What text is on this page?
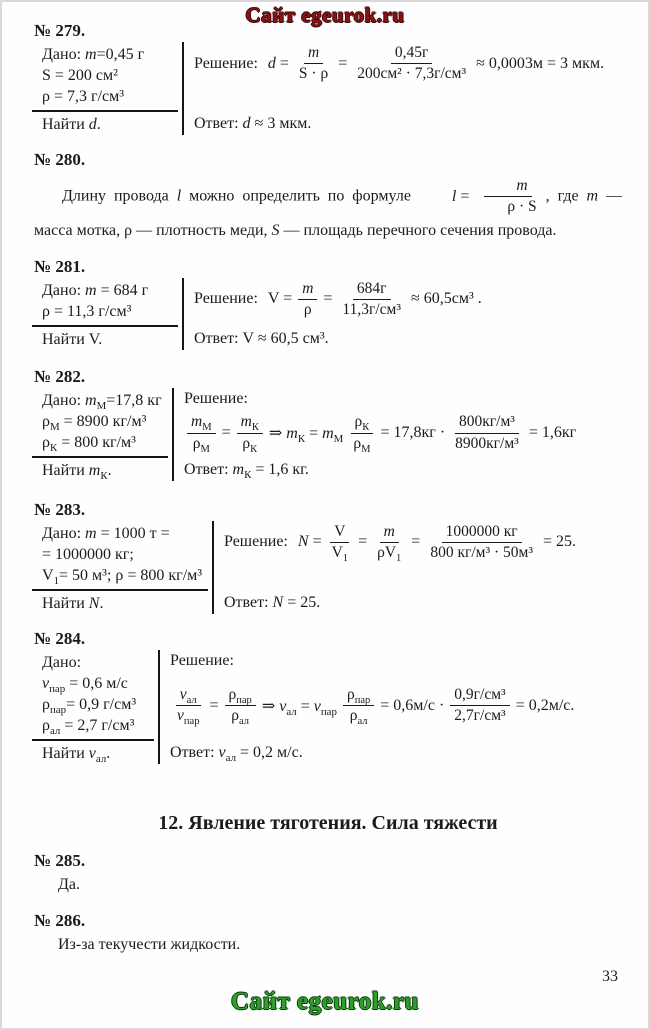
Сайт egeurok.ru
№ 279.
Дано: m=0,45 г
S = 200 см²
ρ = 7,3 г/см³
Найти d.
Решение: $d = \frac{m}{S \cdot \rho} = \frac{0,45г}{\text{200см² · 7,3г/см³}} \approx 0,0003м = 3$ мкм.
Ответ: d ≈ 3 мкм.
№ 280.

Длину провода l можно определить по формуле	$l = \frac{m}{\rho \cdot S}$ , где m — масса мотка, ρ — плотность меди, S — площадь перечного сечения провода.

№ 281.
Дано: m = 684 г
ρ = 11,3 г/см³
Найти V.
Решение: $V = \frac{m}{\rho} = \frac{684г}{\text{11,3г/см³}} \approx 60,5см^3$ .
Ответ: V ≈ 60,5 см³.
№ 282.
Дано: $m_М=17,8$ кг
$\rho_М = 8900$ кг/м³
$\rho_К = 800$ кг/м³
Найти $m_К$.
Решение:
$\frac{m_М}{\rho_М} = \frac{m_К}{\rho_К}$ ⇒ $m_К = m_М \frac{\rho_К}{\rho_М} = 17,8кг \cdot \frac{\text{800кг/м³}}{\text{8900кг/м³}} = 1,6кг$
Ответ: $m_К = 1,6$ кг.
№ 283.
Дано: m = 1000 т =
= 1000000 кг;
$V_1= 50$ м³; ρ = 800 кг/м³
Найти N.
Решение: $N = \frac{V}{V_1} = \frac{m}{\rho V_1} = \frac{1000000 кг}{\text{800 кг/м³ · 50м³}} = 25$.
Ответ: N = 25.
№ 284.
Дано:
$v_{пар} = 0,6$ м/с
$\rho_{пар}= 0,9$ г/см³
$\rho_{ал} = 2,7$ г/см³
Найти $v_{ал}$.
Решение:
$\frac{v_{ал}}{v_{пар}} = \frac{\rho_{пар}}{\rho_{ал}}$ ⇒ $v_{ал} = v_{пар} \frac{\rho_{пар}}{\rho_{ал}} = 0,6м/с \cdot \frac{\text{0,9г/см³}}{\text{2,7г/см³}} = 0,2м/с$.
Ответ: $v_{ал} = 0,2$ м/с.
12. Явление тяготения. Сила тяжести
№ 285.

Да.

№ 286.

Из-за текучести жидкости.

33
Сайт egeurok.ru
